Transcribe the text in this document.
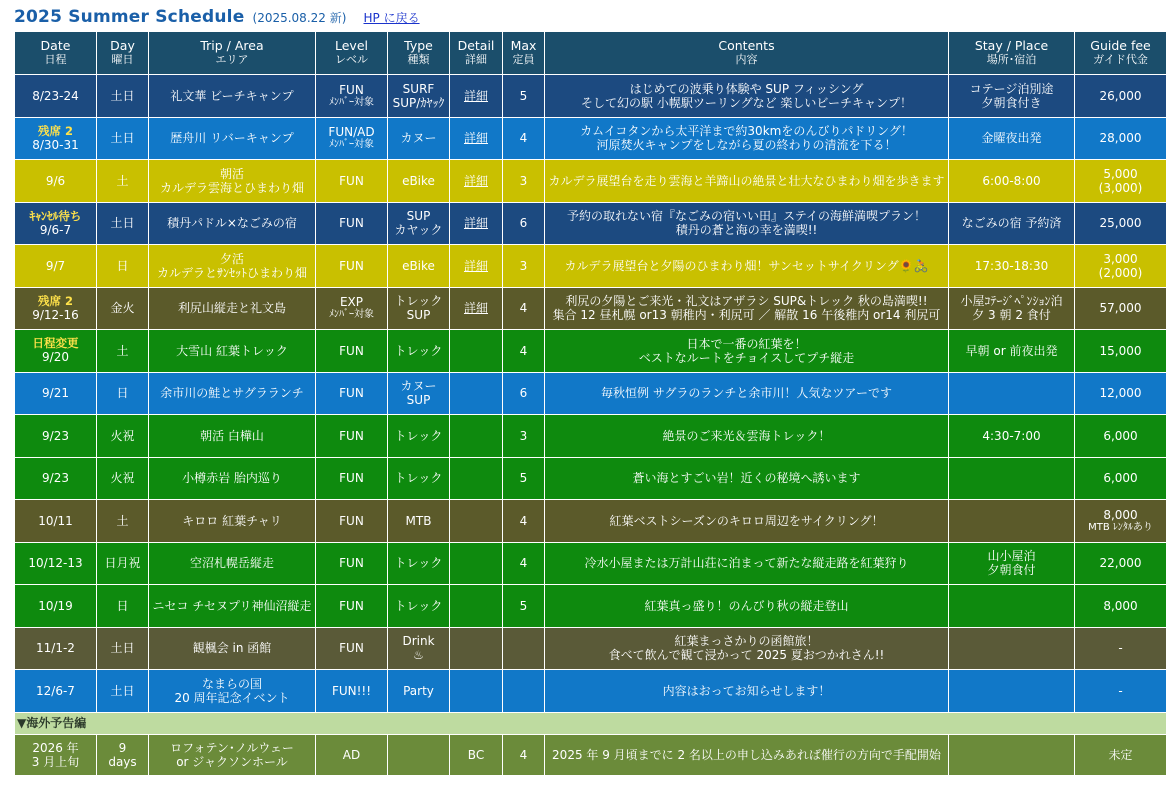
2025 Summer Schedule (2025.08.22 新) HP に戻る
Date
日程	Day
曜日	Trip / Area
エリア	Level
レベル	Type
種類	Detail
詳細	Max
定員	Contents
内容	Stay / Place
場所･宿泊	Guide fee
ガイド代金

8/23-24	土日	礼文華 ビーチキャンプ	FUN
ﾒﾝﾊﾞｰ対象	SURF
SUP/ｶﾔｯｸ	詳細	5	はじめての波乗り体験や SUP フィッシング
そして幻の駅 小幌駅ツーリングなど 楽しいビーチキャンプ！	コテージ泊別途
夕朝食付き	26,000

残席 2
8/30-31	土日	歴舟川 リバーキャンプ	FUN/AD
ﾒﾝﾊﾞｰ対象	カヌー	詳細	4	カムイコタンから太平洋まで約30kmをのんびりパドリング！
河原焚火キャンプをしながら夏の終わりの清流を下る！	金曜夜出発	28,000

9/6	土	朝活
カルデラ雲海とひまわり畑	FUN	eBike	詳細	3	カルデラ展望台を走り雲海と羊蹄山の絶景と壮大なひまわり畑を歩きます	6:00-8:00	5,000
(3,000)

ｷｬﾝｾﾙ待ち
9/6-7	土日	積丹パドル×なごみの宿	FUN	SUP
カヤック	詳細	6	予約の取れない宿『なごみの宿いい田』ステイの海鮮満喫プラン！
積丹の蒼と海の幸を満喫!!	なごみの宿 予約済	25,000

9/7	日	夕活
カルデラとｻﾝｾｯﾄひまわり畑	FUN	eBike	詳細	3	カルデラ展望台と夕陽のひまわり畑！サンセットサイクリング🌻🚴	17:30-18:30	3,000
(2,000)

残席 2
9/12-16	金火	利尻山縦走と礼文島	EXP
ﾒﾝﾊﾞｰ対象	トレック
SUP	詳細	4	利尻の夕陽とご来光・礼文はアザラシ SUP&トレック 秋の島満喫!!
集合 12 昼札幌 or13 朝稚内・利尻可 ／ 解散 16 午後稚内 or14 利尻可	小屋ｺﾃｰｼﾞﾍﾟﾝｼｮﾝ泊
夕 3 朝 2 食付	57,000

日程変更
9/20	土	大雪山 紅葉トレック	FUN	トレック		4	日本で一番の紅葉を！
ベストなルートをチョイスしてプチ縦走	早朝 or 前夜出発	15,000

9/21	日	余市川の鮭とサグラランチ	FUN	カヌー
SUP		6	毎秋恒例 サグラのランチと余市川！人気なツアーです		12,000

9/23	火祝	朝活 白樺山	FUN	トレック		3	絶景のご来光＆雲海トレック！	4:30-7:00	6,000

9/23	火祝	小樽赤岩 胎内巡り	FUN	トレック		5	蒼い海とすごい岩！近くの秘境へ誘います		6,000

10/11	土	キロロ 紅葉チャリ	FUN	MTB		4	紅葉ベストシーズンのキロロ周辺をサイクリング！		8,000
MTB ﾚﾝﾀﾙあり

10/12-13	日月祝	空沼札幌岳縦走	FUN	トレック		4	冷水小屋または万計山荘に泊まって新たな縦走路を紅葉狩り	山小屋泊
夕朝食付	22,000

10/19	日	ニセコ チセヌプリ神仙沼縦走	FUN	トレック		5	紅葉真っ盛り！のんびり秋の縦走登山		8,000

11/1-2	土日	観楓会 in 函館	FUN	Drink
♨			紅葉まっさかりの函館旅！
食べて飲んで観て浸かって 2025 夏おつかれさん!!		-

12/6-7	土日	なまらの国
20 周年記念イベント	FUN!!!	Party			内容はおってお知らせします！		-

▼海外予告編									

2026 年
3 月上旬	9
days	ロフォテン･ノルウェー
or ジャクソンホール	AD		BC	4	2025 年 9 月頃までに 2 名以上の申し込みあれば催行の方向で手配開始		未定
